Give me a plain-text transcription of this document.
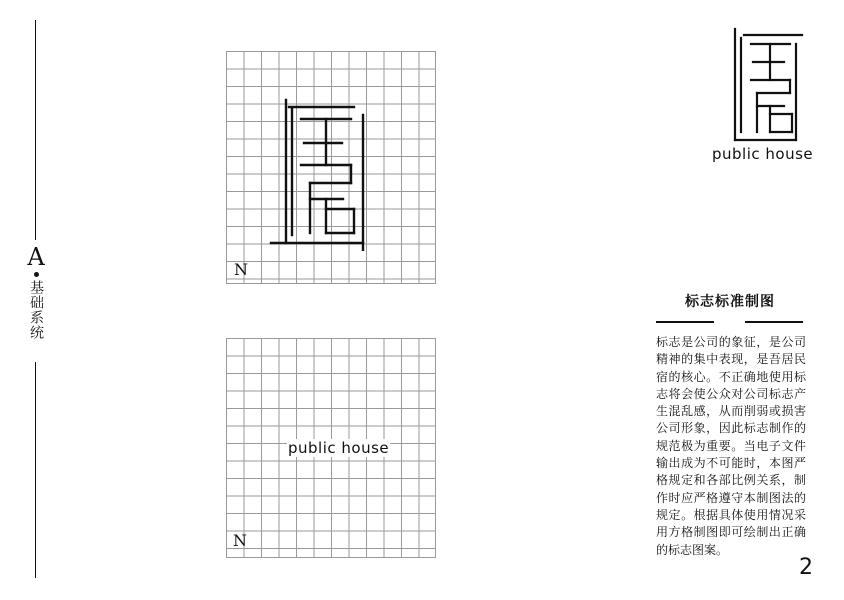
A
基础系统
N
public house
N
public house
标志标准制图
标志是公司的象征，是公司精神的集中表现，是吾居民宿的核心。不正确地使用标志将会使公众对公司标志产生混乱感，从而削弱或损害公司形象，因此标志制作的规范极为重要。当电子文件输出成为不可能时，本图严格规定和各部比例关系，制作时应严格遵守本制图法的规定。根据具体使用情况采用方格制图即可绘制出正确的标志图案。
2
